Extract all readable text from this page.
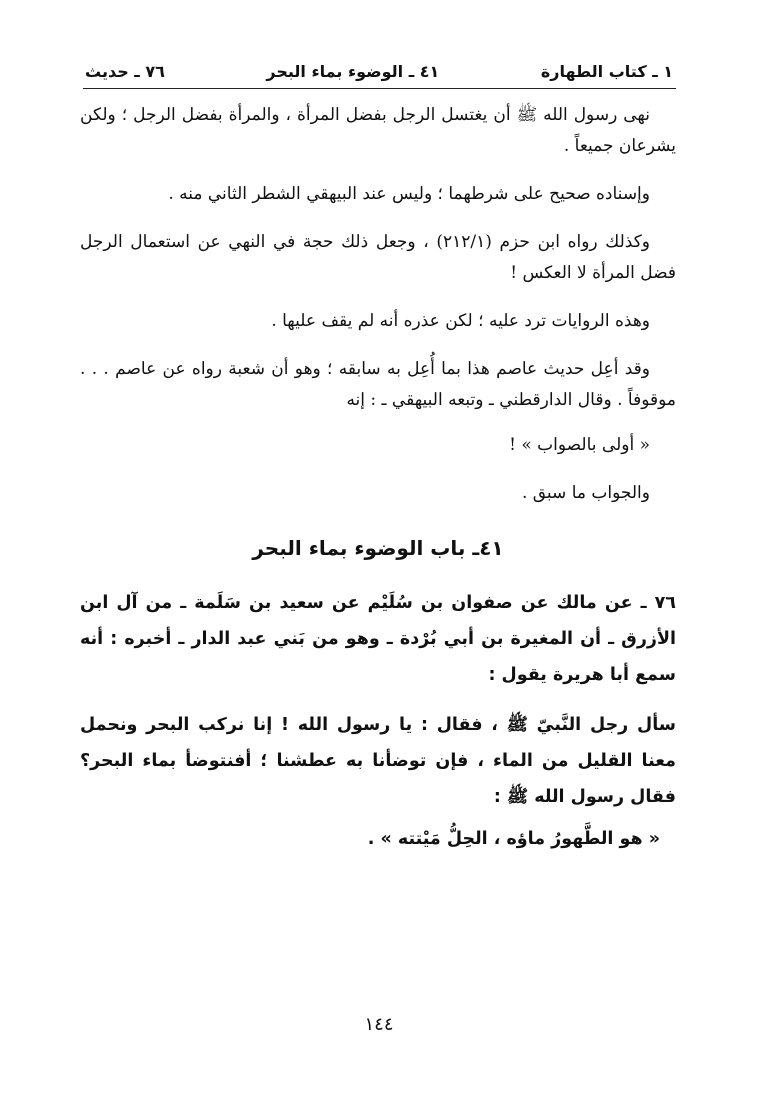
١ ـ كتاب الطهارة
٤١ ـ الوضوء بماء البحر
٧٦ ـ حديث

نهى رسول الله ﷺ أن يغتسل الرجل بفضل المرأة ، والمرأة بفضل الرجل ؛ ولكن يشرعان جميعاً .

وإسناده صحيح على شرطهما ؛ وليس عند البيهقي الشطر الثاني منه .

وكذلك رواه ابن حزم (٢١٢/١) ، وجعل ذلك حجة في النهي عن استعمال الرجل فضل المرأة لا العكس !

وهذه الروايات ترد عليه ؛ لكن عذره أنه لم يقف عليها .

وقد أعِل حديث عاصم هذا بما أُعِل به سابقه ؛ وهو أن شعبة رواه عن عاصم . . . موقوفاً . وقال الدارقطني ـ وتبعه البيهقي ـ : إنه

« أولى بالصواب » !

والجواب ما سبق .

٤١ـ باب الوضوء بماء البحر

٧٦ ـ عن مالك عن صفوان بن سُلَيْم عن سعيد بن سَلَمة ـ من آل ابن الأزرق ـ أن المغيرة بن أبي بُرْدة ـ وهو من بَني عبد الدار ـ أخبره : أنه سمع أبا هريرة يقول :

سأل رجل النَّبيّ ﷺ ، فقال : يا رسول الله ! إنا نركب البحر ونحمل معنا القليل من الماء ، فإن توضأنا به عطشنا ؛ أفنتوضأ بماء البحر؟ فقال رسول الله ﷺ :

« هو الطَّهورُ ماؤه ، الحِلُّ مَيْتته » .

١٤٤
